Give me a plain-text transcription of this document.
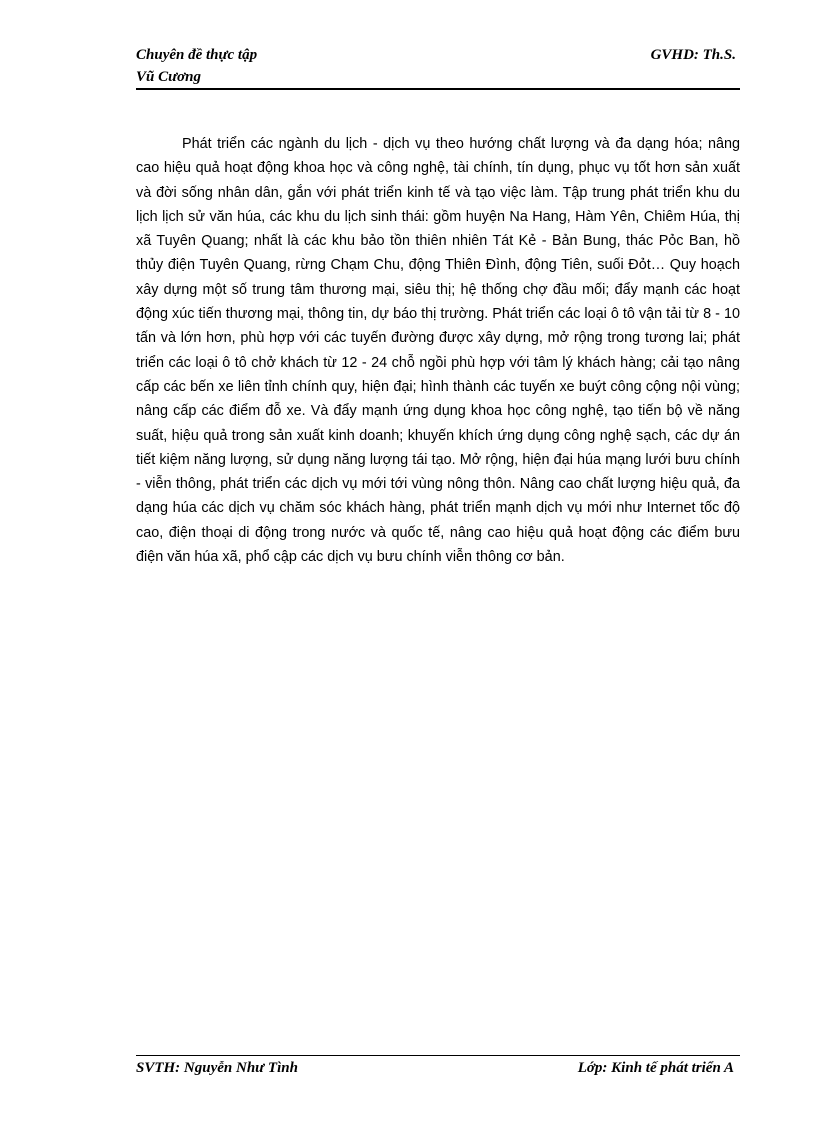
Chuyên đề thực tập	GVHD: Th.S.
Vũ Cương

Phát triển các ngành du lịch - dịch vụ theo hướng chất lượng và đa dạng hóa; nâng cao hiệu quả hoạt động khoa học và công nghệ, tài chính, tín dụng, phục vụ tốt hơn sản xuất và đời sống nhân dân, gắn với phát triển kinh tế và tạo việc làm. Tập trung phát triển khu du lịch lịch sử văn húa, các khu du lịch sinh thái: gồm huyện Na Hang, Hàm Yên, Chiêm Húa, thị xã Tuyên Quang; nhất là các khu bảo tồn thiên nhiên Tát Kẻ - Bản Bung, thác Pỏc Ban, hồ thủy điện Tuyên Quang, rừng Chạm Chu, động Thiên Đình, động Tiên, suối Đỏt… Quy hoạch xây dựng một số trung tâm thương mại, siêu thị; hệ thống chợ đầu mối; đẩy mạnh các hoạt động xúc tiến thương mại, thông tin, dự báo thị trường. Phát triển các loại ô tô vận tải từ 8 - 10 tấn và lớn hơn, phù hợp với các tuyến đường được xây dựng, mở rộng trong tương lai; phát triển các loại ô tô chở khách từ 12 - 24 chỗ ngồi phù hợp với tâm lý khách hàng; cải tạo nâng cấp các bến xe liên tỉnh chính quy, hiện đại; hình thành các tuyến xe buýt công cộng nội vùng; nâng cấp các điểm đỗ xe. Và đẩy mạnh ứng dụng khoa học công nghệ, tạo tiến bộ về năng suất, hiệu quả trong sản xuất kinh doanh; khuyến khích ứng dụng công nghệ sạch, các dự án tiết kiệm năng lượng, sử dụng năng lượng tái tạo. Mở rộng, hiện đại húa mạng lưới bưu chính - viễn thông, phát triển các dịch vụ mới tới vùng nông thôn. Nâng cao chất lượng hiệu quả, đa dạng húa các dịch vụ chăm sóc khách hàng, phát triển mạnh dịch vụ mới như Internet tốc độ cao, điện thoại di động trong nước và quốc tế, nâng cao hiệu quả hoạt động các điểm bưu điện văn húa xã, phổ cập các dịch vụ bưu chính viễn thông cơ bản.

SVTH: Nguyễn Như Tình	Lớp: Kinh tế phát triển A
